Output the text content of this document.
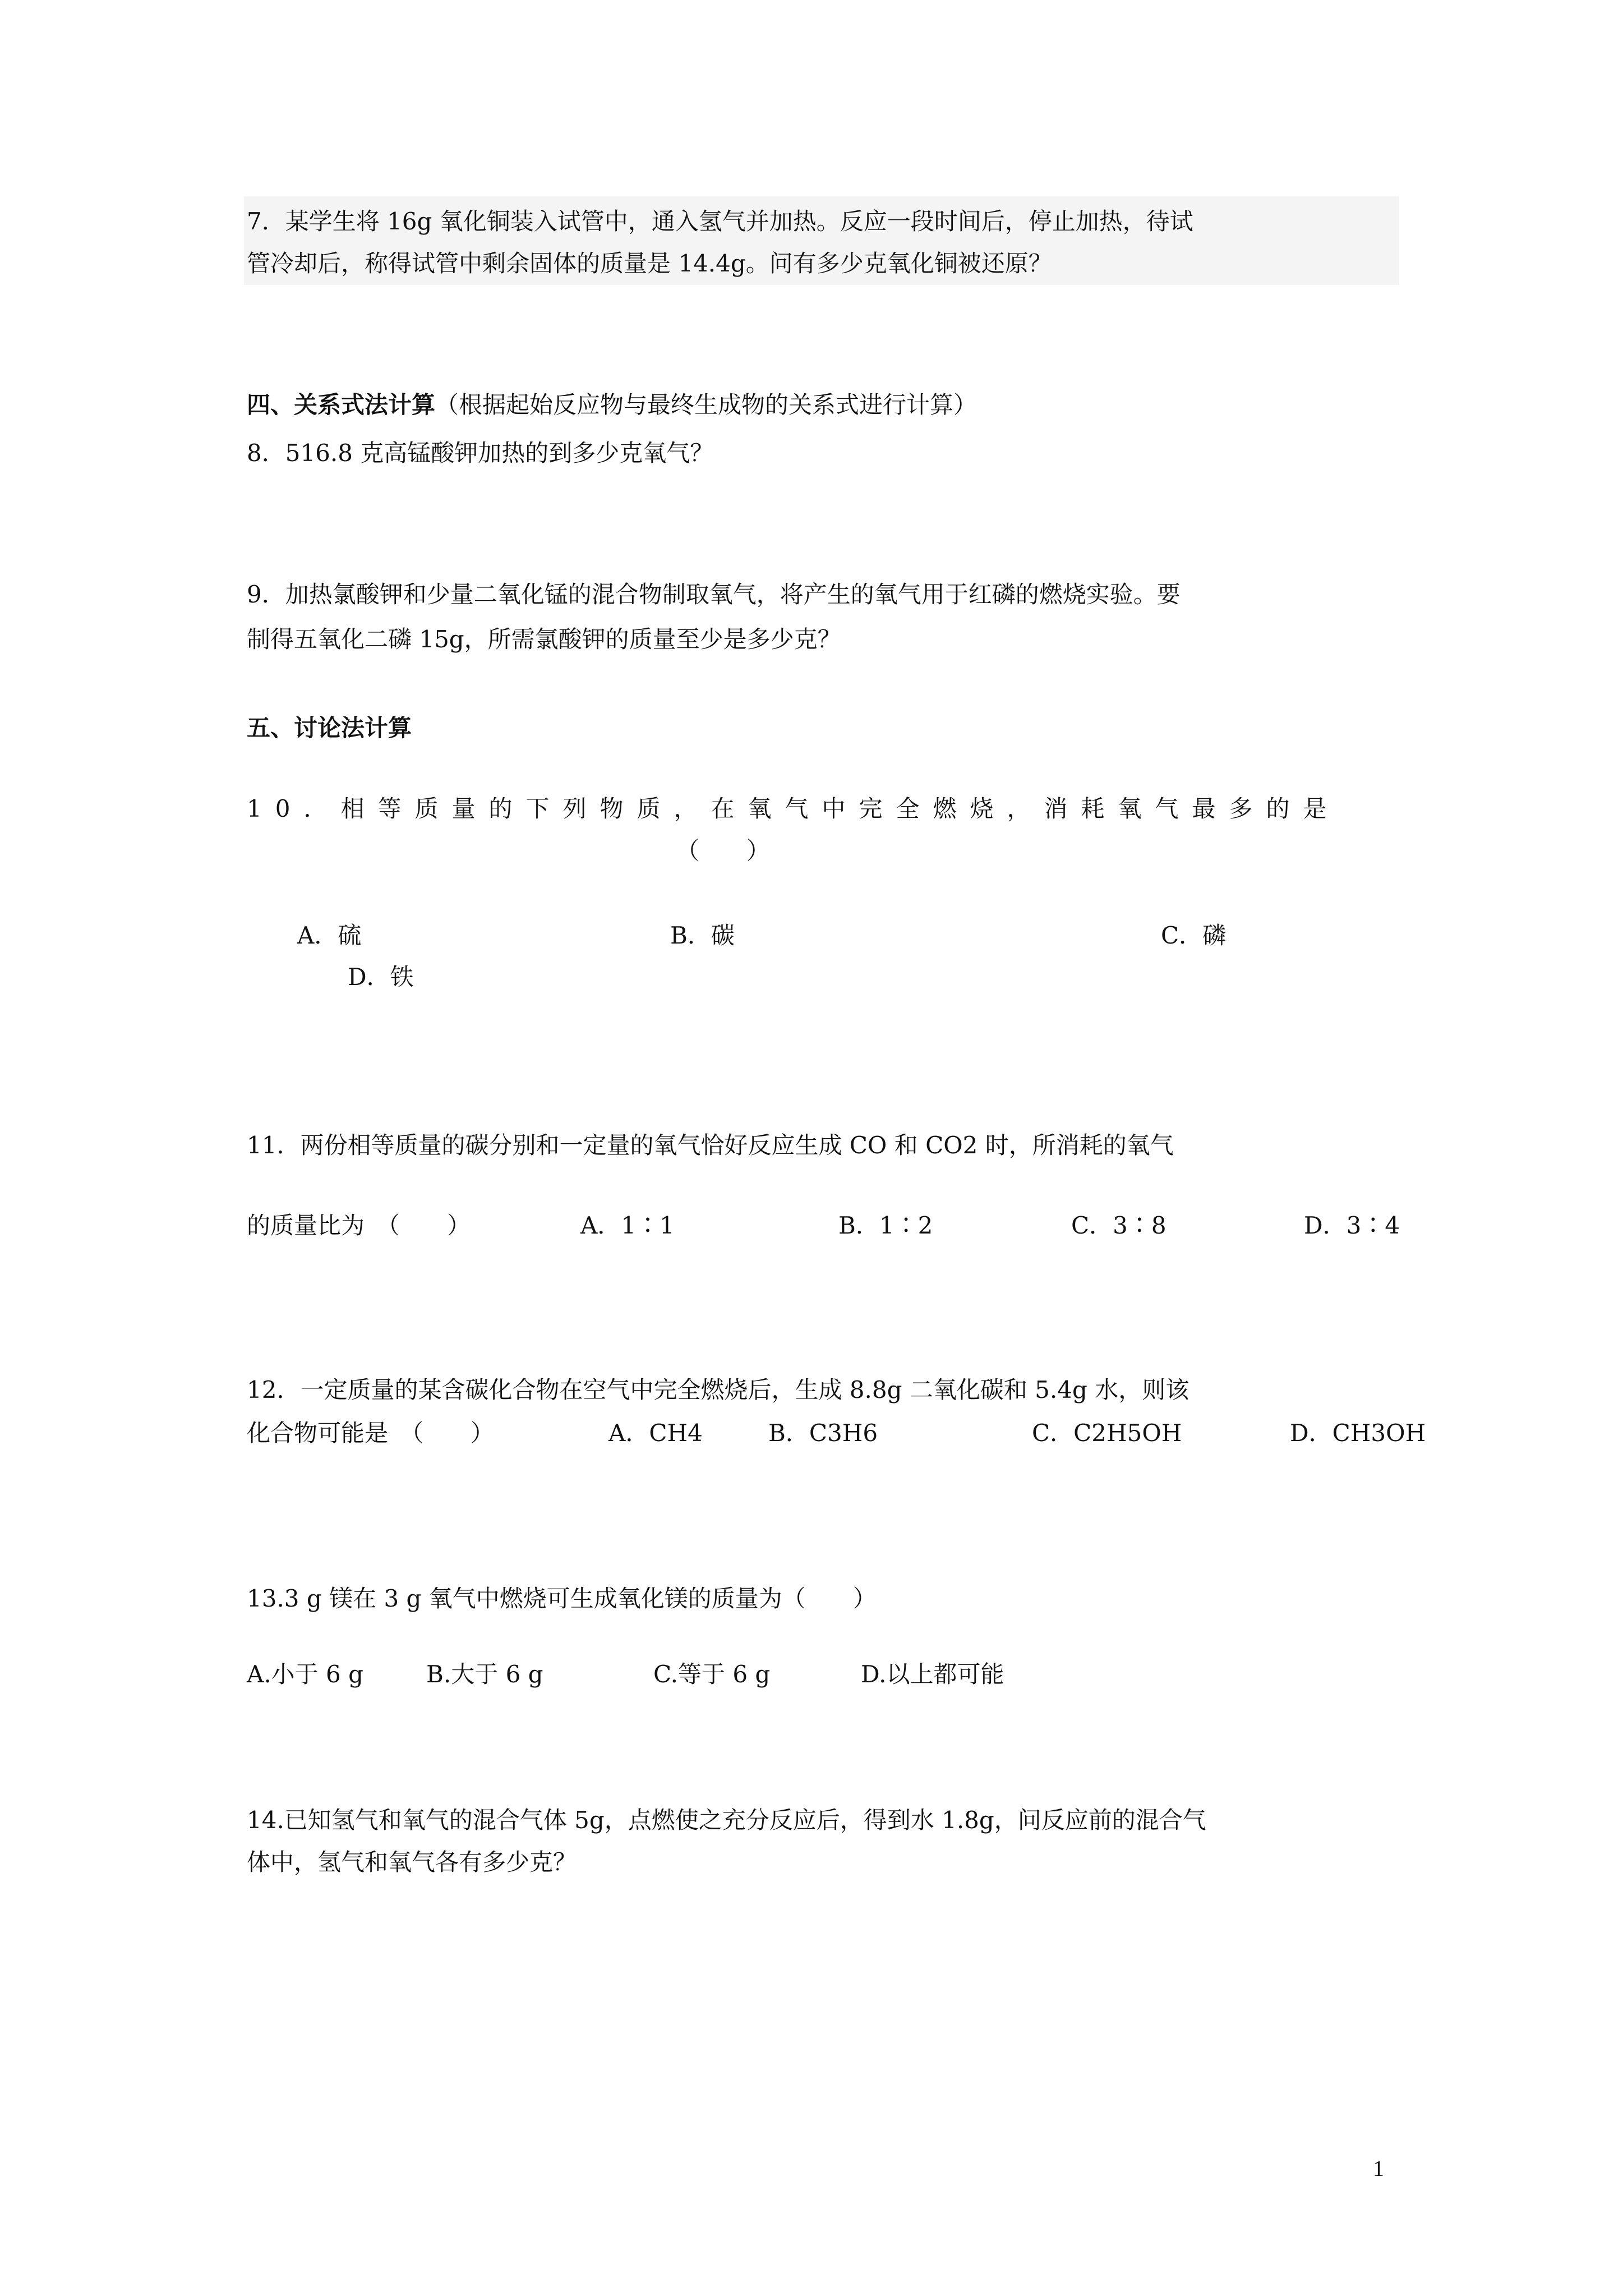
7．某学生将 16g 氧化铜装入试管中，通入氢气并加热。反应一段时间后，停止加热，待试

管冷却后，称得试管中剩余固体的质量是 14.4g。问有多少克氧化铜被还原？

四、关系式法计算（根据起始反应物与最终生成物的关系式进行计算）

8．516.8 克高锰酸钾加热的到多少克氧气？

9．加热氯酸钾和少量二氧化锰的混合物制取氧气，将产生的氧气用于红磷的燃烧实验。要

制得五氧化二磷 15g，所需氯酸钾的质量至少是多少克？

五、讨论法计算

10．相等质量的下列物质，在氧气中完全燃烧，消耗氧气最多的是

（　　）

A．硫	B．碳	C．磷

D．铁

11．两份相等质量的碳分别和一定量的氧气恰好反应生成 CO 和 CO2 时，所消耗的氧气

的质量比为　（　　）	A．1∶1	B．1∶2	C．3∶8	D．3∶4

12．一定质量的某含碳化合物在空气中完全燃烧后，生成 8.8g 二氧化碳和 5.4g 水，则该

化合物可能是　（　　）	A．CH4	B．C3H6	C．C2H5OH	D．CH3OH

13.3 g 镁在 3 g 氧气中燃烧可生成氧化镁的质量为（　　）

A.小于 6 g	B.大于 6 g	C.等于 6 g	D.以上都可能

14.已知氢气和氧气的混合气体 5g，点燃使之充分反应后，得到水 1.8g，问反应前的混合气

体中，氢气和氧气各有多少克？

1
